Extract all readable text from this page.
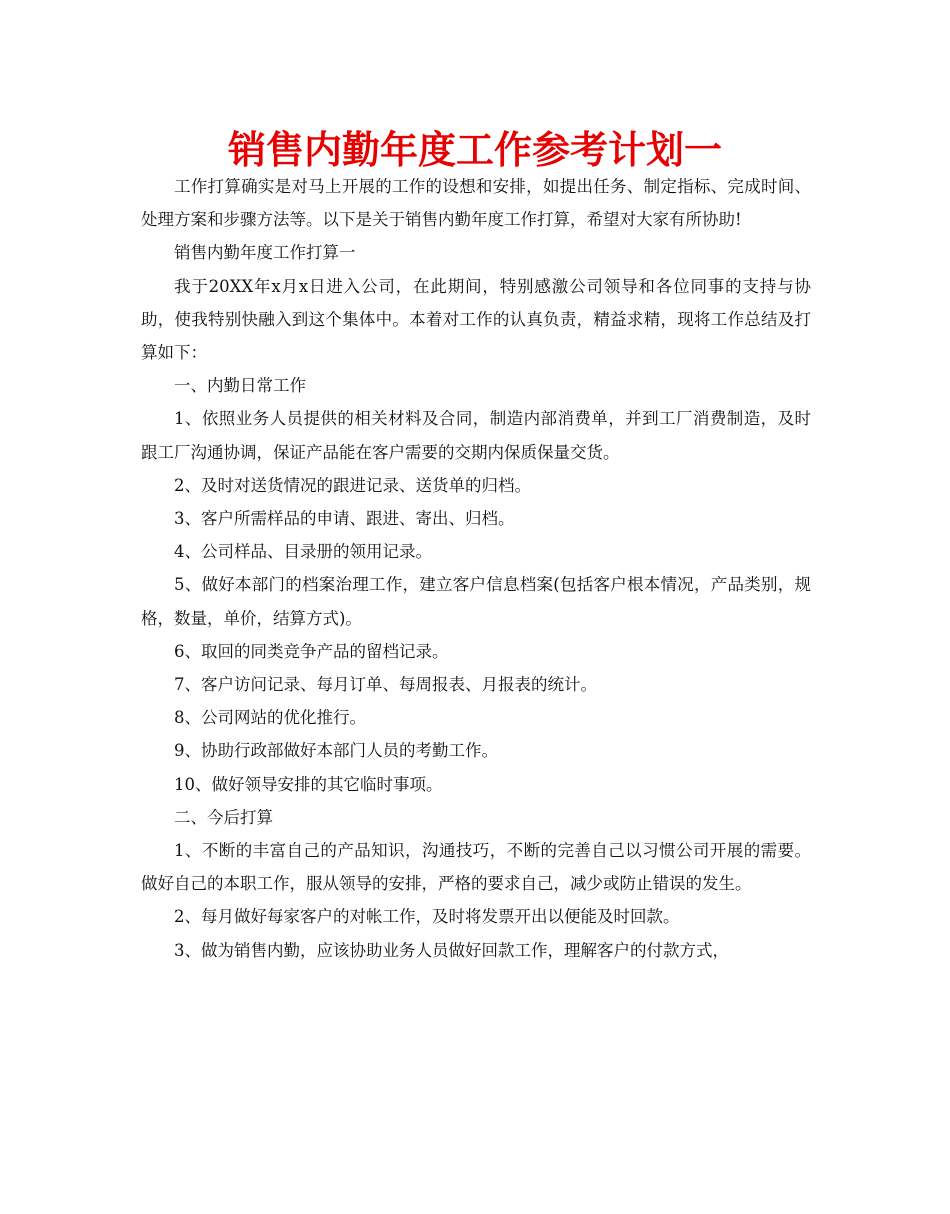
销售内勤年度工作参考计划一

工作打算确实是对马上开展的工作的设想和安排，如提出任务、制定指标、完成时间、处理方案和步骤方法等。以下是关于销售内勤年度工作打算，希望对大家有所协助!

销售内勤年度工作打算一

我于20XX年x月x日进入公司，在此期间，特别感激公司领导和各位同事的支持与协助，使我特别快融入到这个集体中。本着对工作的认真负责，精益求精，现将工作总结及打算如下：

一、内勤日常工作

1、依照业务人员提供的相关材料及合同，制造内部消费单，并到工厂消费制造，及时跟工厂沟通协调，保证产品能在客户需要的交期内保质保量交货。

2、及时对送货情况的跟进记录、送货单的归档。

3、客户所需样品的申请、跟进、寄出、归档。

4、公司样品、目录册的领用记录。

5、做好本部门的档案治理工作，建立客户信息档案(包括客户根本情况，产品类别，规格，数量，单价，结算方式)。

6、取回的同类竞争产品的留档记录。

7、客户访问记录、每月订单、每周报表、月报表的统计。

8、公司网站的优化推行。

9、协助行政部做好本部门人员的考勤工作。

10、做好领导安排的其它临时事项。

二、今后打算

1、不断的丰富自己的产品知识，沟通技巧，不断的完善自己以习惯公司开展的需要。做好自己的本职工作，服从领导的安排，严格的要求自己，减少或防止错误的发生。

2、每月做好每家客户的对帐工作，及时将发票开出以便能及时回款。

3、做为销售内勤，应该协助业务人员做好回款工作，理解客户的付款方式，
